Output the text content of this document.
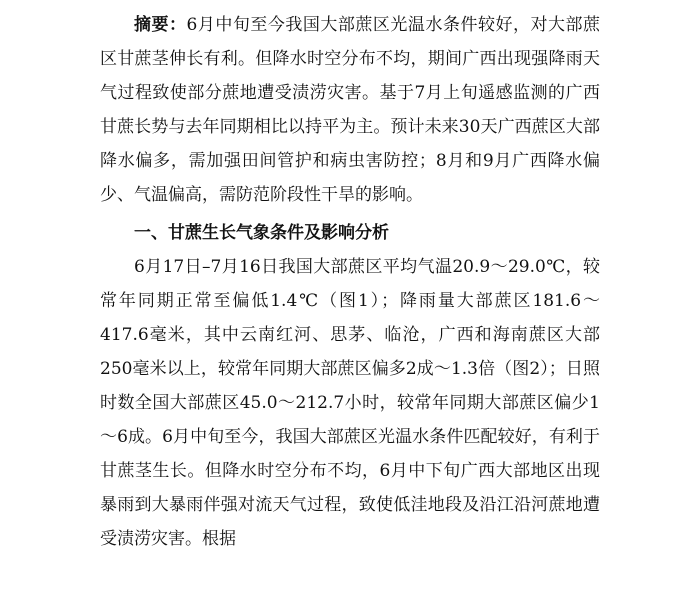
摘要：6月中旬至今我国大部蔗区光温水条件较好，对大部蔗区甘蔗茎伸长有利。但降水时空分布不均，期间广西出现强降雨天气过程致使部分蔗地遭受渍涝灾害。基于7月上旬遥感监测的广西甘蔗长势与去年同期相比以持平为主。预计未来30天广西蔗区大部降水偏多，需加强田间管护和病虫害防控；8月和9月广西降水偏少、气温偏高，需防范阶段性干旱的影响。

一、甘蔗生长气象条件及影响分析

6月17日–7月16日我国大部蔗区平均气温20.9～29.0℃，较常年同期正常至偏低1.4℃（图1）；降雨量大部蔗区181.6～417.6毫米，其中云南红河、思茅、临沧，广西和海南蔗区大部250毫米以上，较常年同期大部蔗区偏多2成～1.3倍（图2）；日照时数全国大部蔗区45.0～212.7小时，较常年同期大部蔗区偏少1～6成。6月中旬至今，我国大部蔗区光温水条件匹配较好，有利于甘蔗茎生长。但降水时空分布不均，6月中下旬广西大部地区出现暴雨到大暴雨伴强对流天气过程，致使低洼地段及沿江沿河蔗地遭受渍涝灾害。根据
